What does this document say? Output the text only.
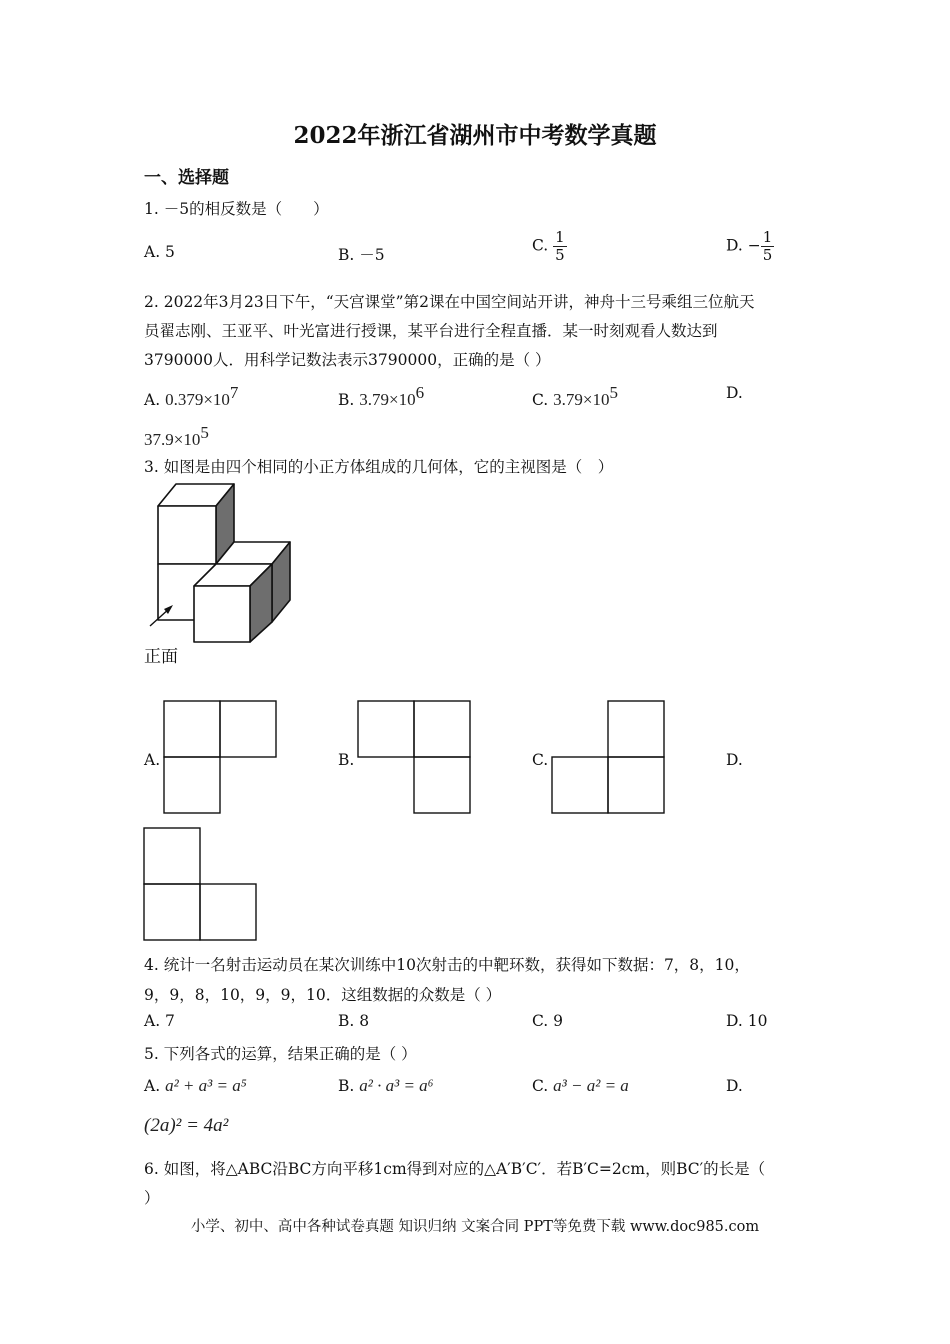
2022年浙江省湖州市中考数学真题
一、选择题
1. －5的相反数是（　　）
A. 5	B. －5
C. $\frac{1}{5}$	D. − $\frac{1}{5}$
2. 2022年3月23日下午，“天宫课堂”第2课在中国空间站开讲，神舟十三号乘组三位航天
员翟志刚、王亚平、叶光富进行授课，某平台进行全程直播．某一时刻观看人数达到
3790000人．用科学记数法表示3790000，正确的是（ ）
A. $0.379\times 10^7$	B. $3.79\times 10^6$	C. $3.79\times 10^5$	D.
$37.9\times 10^5$
3. 如图是由四个相同的小正方体组成的几何体，它的主视图是（　）
正面
A.	B.	C.	D.
4. 统计一名射击运动员在某次训练中10次射击的中靶环数，获得如下数据：7，8，10，
9，9，8，10，9，9，10．这组数据的众数是（ ）
A. 7	B. 8	C. 9	D. 10
5. 下列各式的运算，结果正确的是（ ）
A. a² + a³ = a⁵	B. a² · a³ = a⁶	C. a³ − a² = a	D.
(2a)² = 4a²
6. 如图，将△ABC沿BC方向平移1cm得到对应的△A′B′C′．若B′C=2cm，则BC′的长是（
）
小学、初中、高中各种试卷真题 知识归纳 文案合同 PPT等免费下载 www.doc985.com
